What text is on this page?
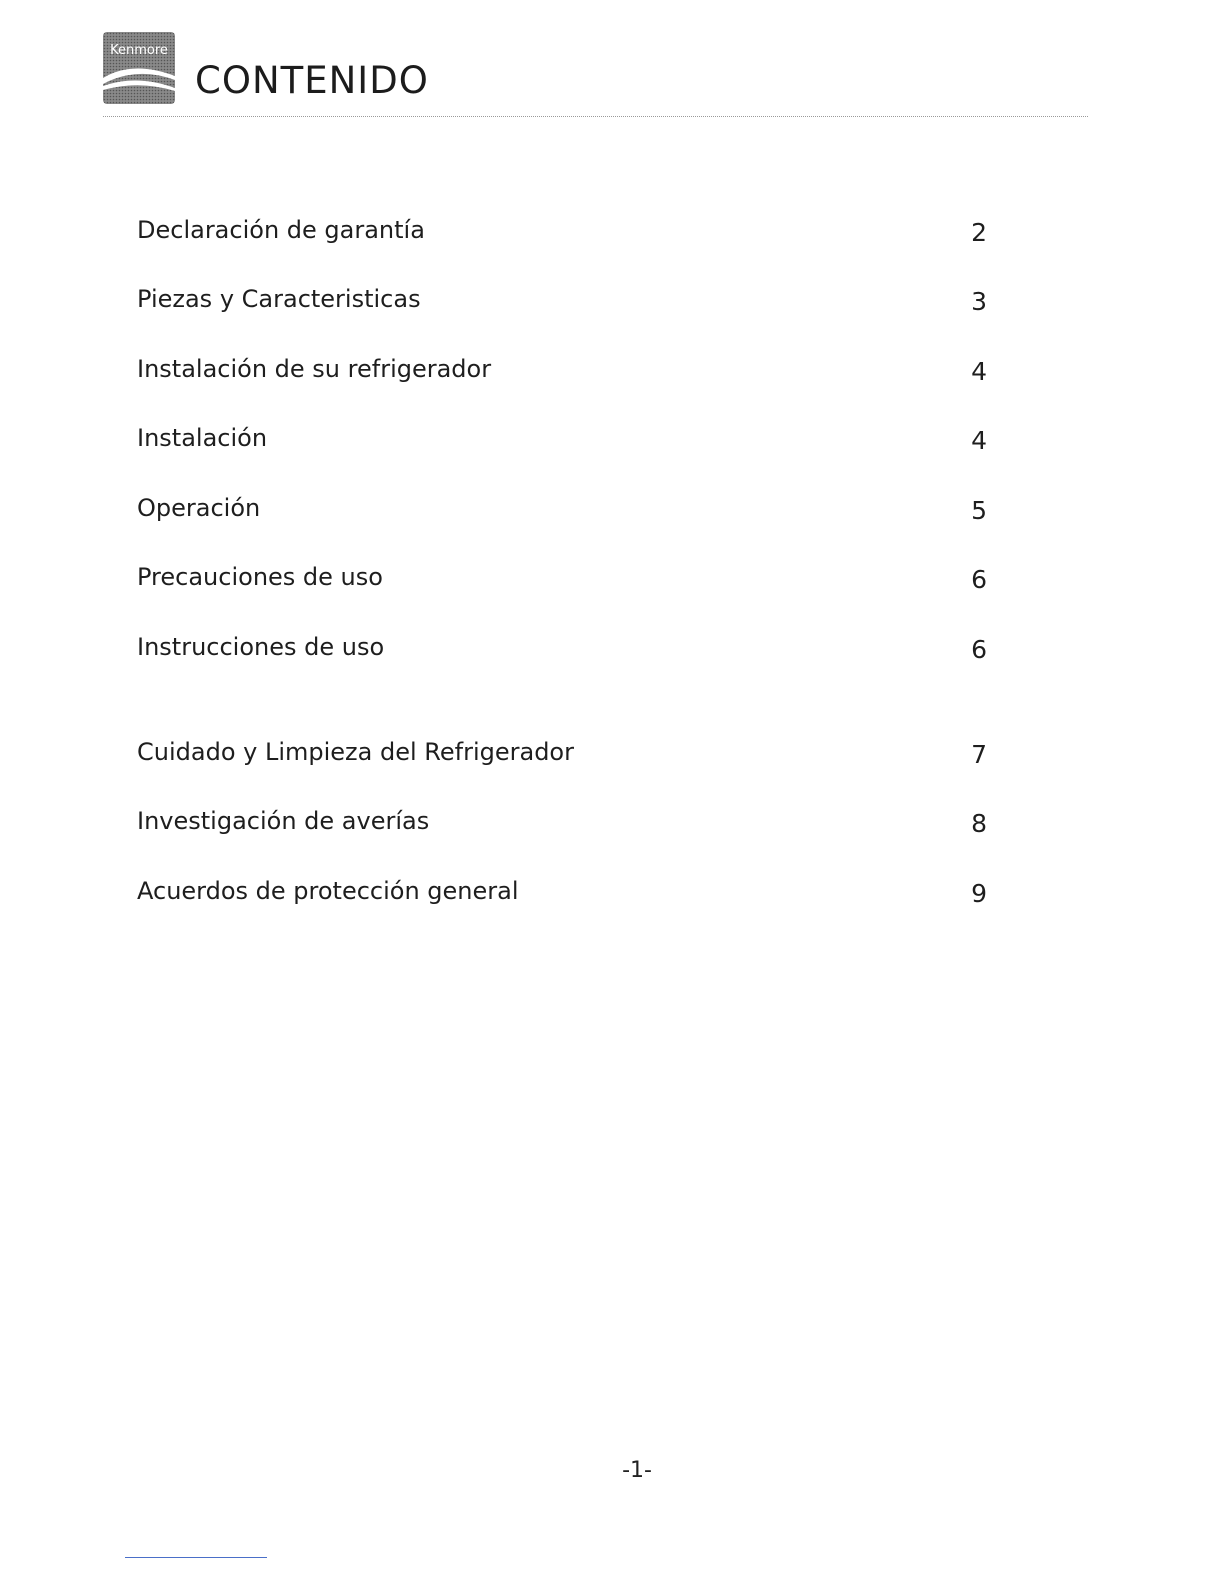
Kenmore
CONTENIDO
Declaración de garantía	2
Piezas y Caracteristicas	3
Instalación de su refrigerador	4
Instalación	4
Operación	5
Precauciones de uso	6
Instrucciones de uso	6
Cuidado y Limpieza del Refrigerador	7
Investigación de averías	8
Acuerdos de protección general	9
-1-
